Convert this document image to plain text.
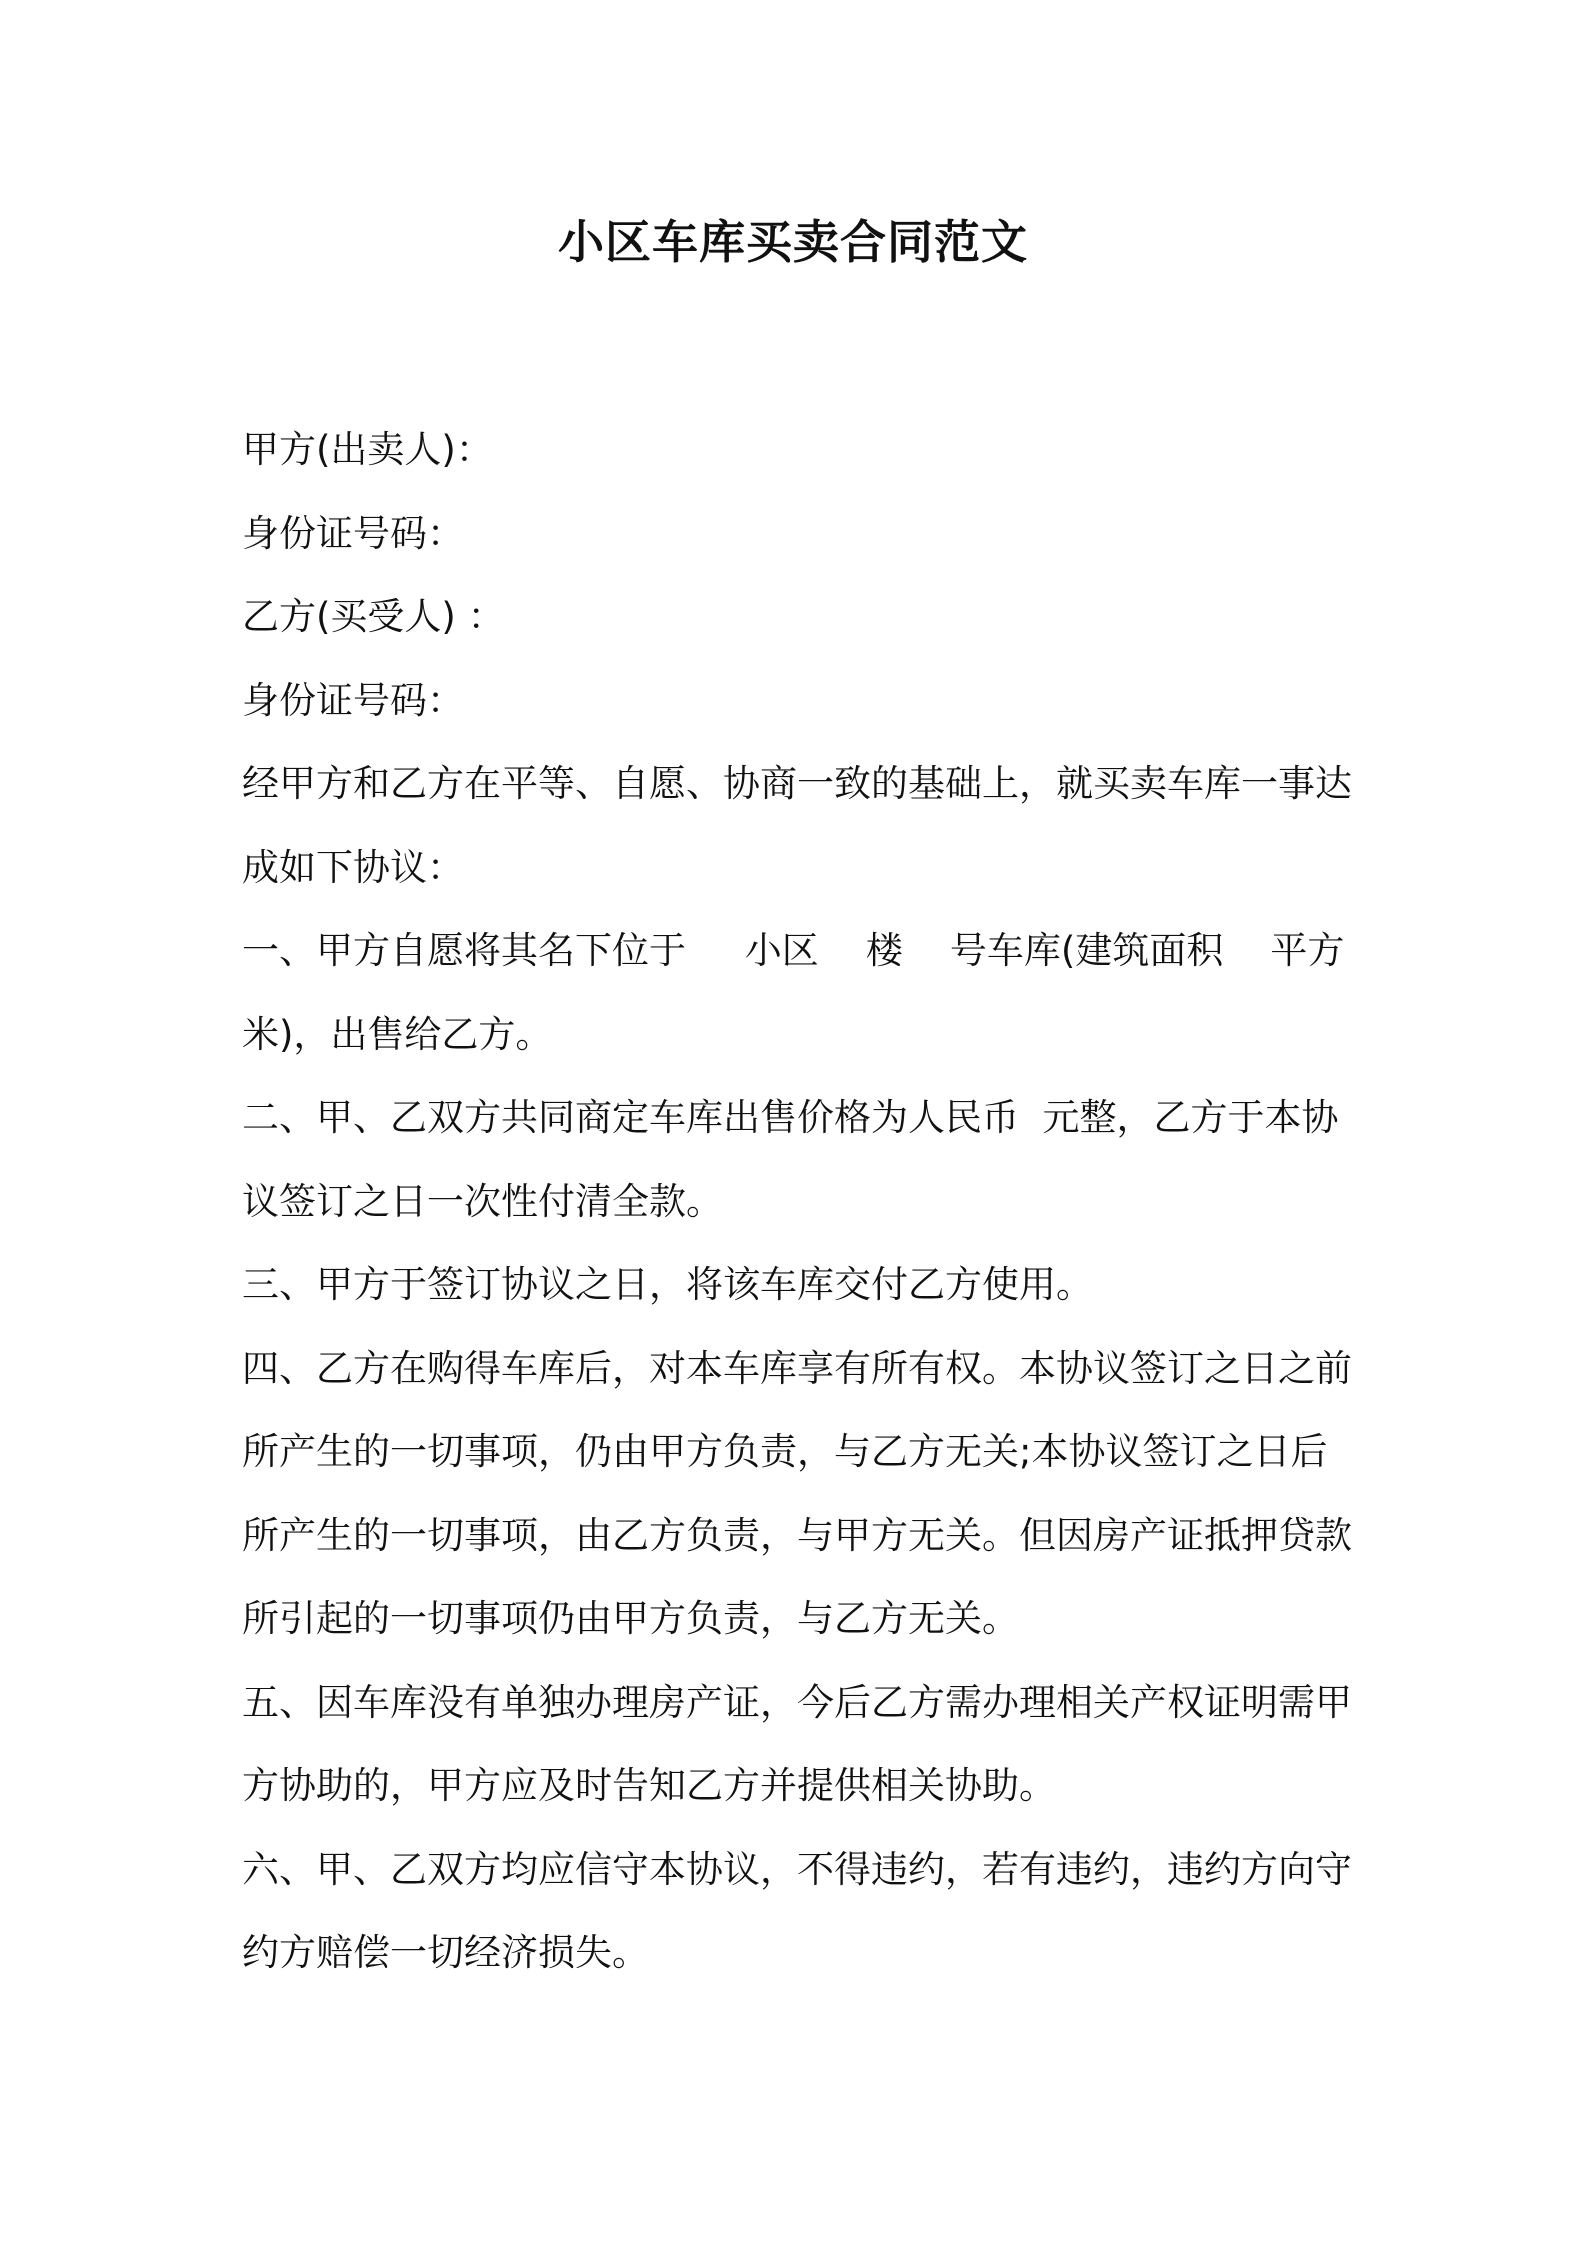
小区车库买卖合同范文
甲方(出卖人)：
身份证号码：
乙方(买受人) ：
身份证号码：
经甲方和乙方在平等、自愿、协商一致的基础上，就买卖车库一事达
成如下协议：
一、甲方自愿将其名下位于     小区    楼    号车库(建筑面积    平方
米)，出售给乙方。
二、甲、乙双方共同商定车库出售价格为人民币  元整，乙方于本协
议签订之日一次性付清全款。
三、甲方于签订协议之日，将该车库交付乙方使用。
四、乙方在购得车库后，对本车库享有所有权。本协议签订之日之前
所产生的一切事项，仍由甲方负责，与乙方无关;本协议签订之日后
所产生的一切事项，由乙方负责，与甲方无关。但因房产证抵押贷款
所引起的一切事项仍由甲方负责，与乙方无关。
五、因车库没有单独办理房产证，今后乙方需办理相关产权证明需甲
方协助的，甲方应及时告知乙方并提供相关协助。
六、甲、乙双方均应信守本协议，不得违约，若有违约，违约方向守
约方赔偿一切经济损失。
